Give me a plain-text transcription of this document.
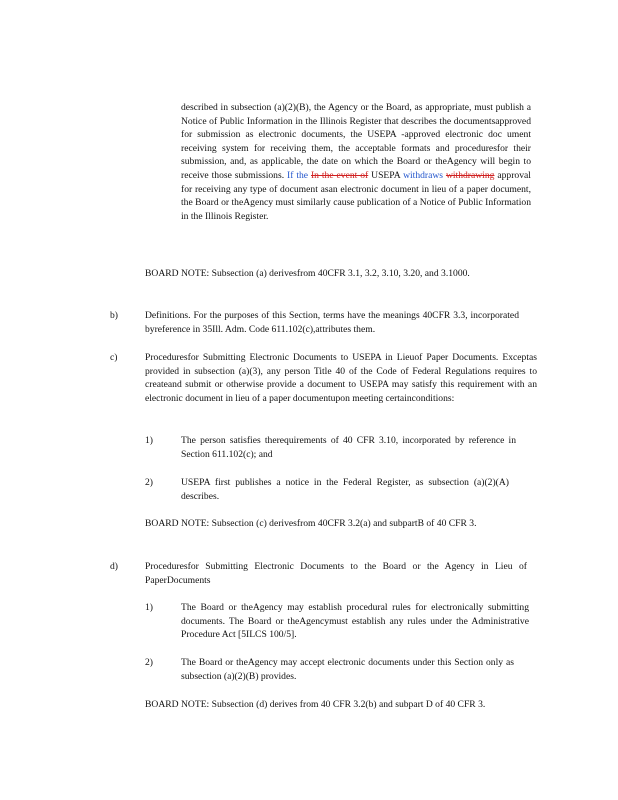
described in subsection (a)(2)(B), the Agency or the Board, as appropriate, must publish a Notice of Public Information in the Illinois Register that describes the documentsapproved for submission as electronic documents, the USEPA -approved electronic doc ument receiving system for receiving them, the acceptable formats and proceduresfor their submission, and, as applicable, the date on which the Board or theAgency will begin to receive those submissions. If the In the event of USEPA withdraws withdrawing approval for receiving any type of document asan electronic document in lieu of a paper document, the Board or theAgency must similarly cause publication of a Notice of Public Information in the Illinois Register.

BOARD NOTE: Subsection (a) derivesfrom 40CFR 3.1, 3.2, 3.10, 3.20, and 3.1000.

b)	Definitions. For the purposes of this Section, terms have the meanings 40CFR 3.3, incorporated byreference in 35Ill. Adm. Code 611.102(c),attributes them.

c)	Proceduresfor Submitting Electronic Documents to USEPA in Lieuof Paper Documents. Exceptas provided in subsection (a)(3), any person Title 40 of the Code of Federal Regulations requires to createand submit or otherwise provide a document to USEPA may satisfy this requirement with an electronic document in lieu of a paper documentupon meeting certainconditions:

1)	The person satisfies therequirements of 40 CFR 3.10, incorporated by reference in Section 611.102(c); and

2)	USEPA first publishes a notice in the Federal Register, as subsection (a)(2)(A) describes.

BOARD NOTE: Subsection (c) derivesfrom 40CFR 3.2(a) and subpartB of 40 CFR 3.

d)	Proceduresfor Submitting Electronic Documents to the Board or the Agency in Lieu of PaperDocuments

1)	The Board or theAgency may establish procedural rules for electronically submitting documents. The Board or theAgencymust establish any rules under the Administrative Procedure Act [5ILCS 100/5].

2)	The Board or theAgency may accept electronic documents under this Section only as subsection (a)(2)(B) provides.

BOARD NOTE: Subsection (d) derives from 40 CFR 3.2(b) and subpart D of 40 CFR 3.
